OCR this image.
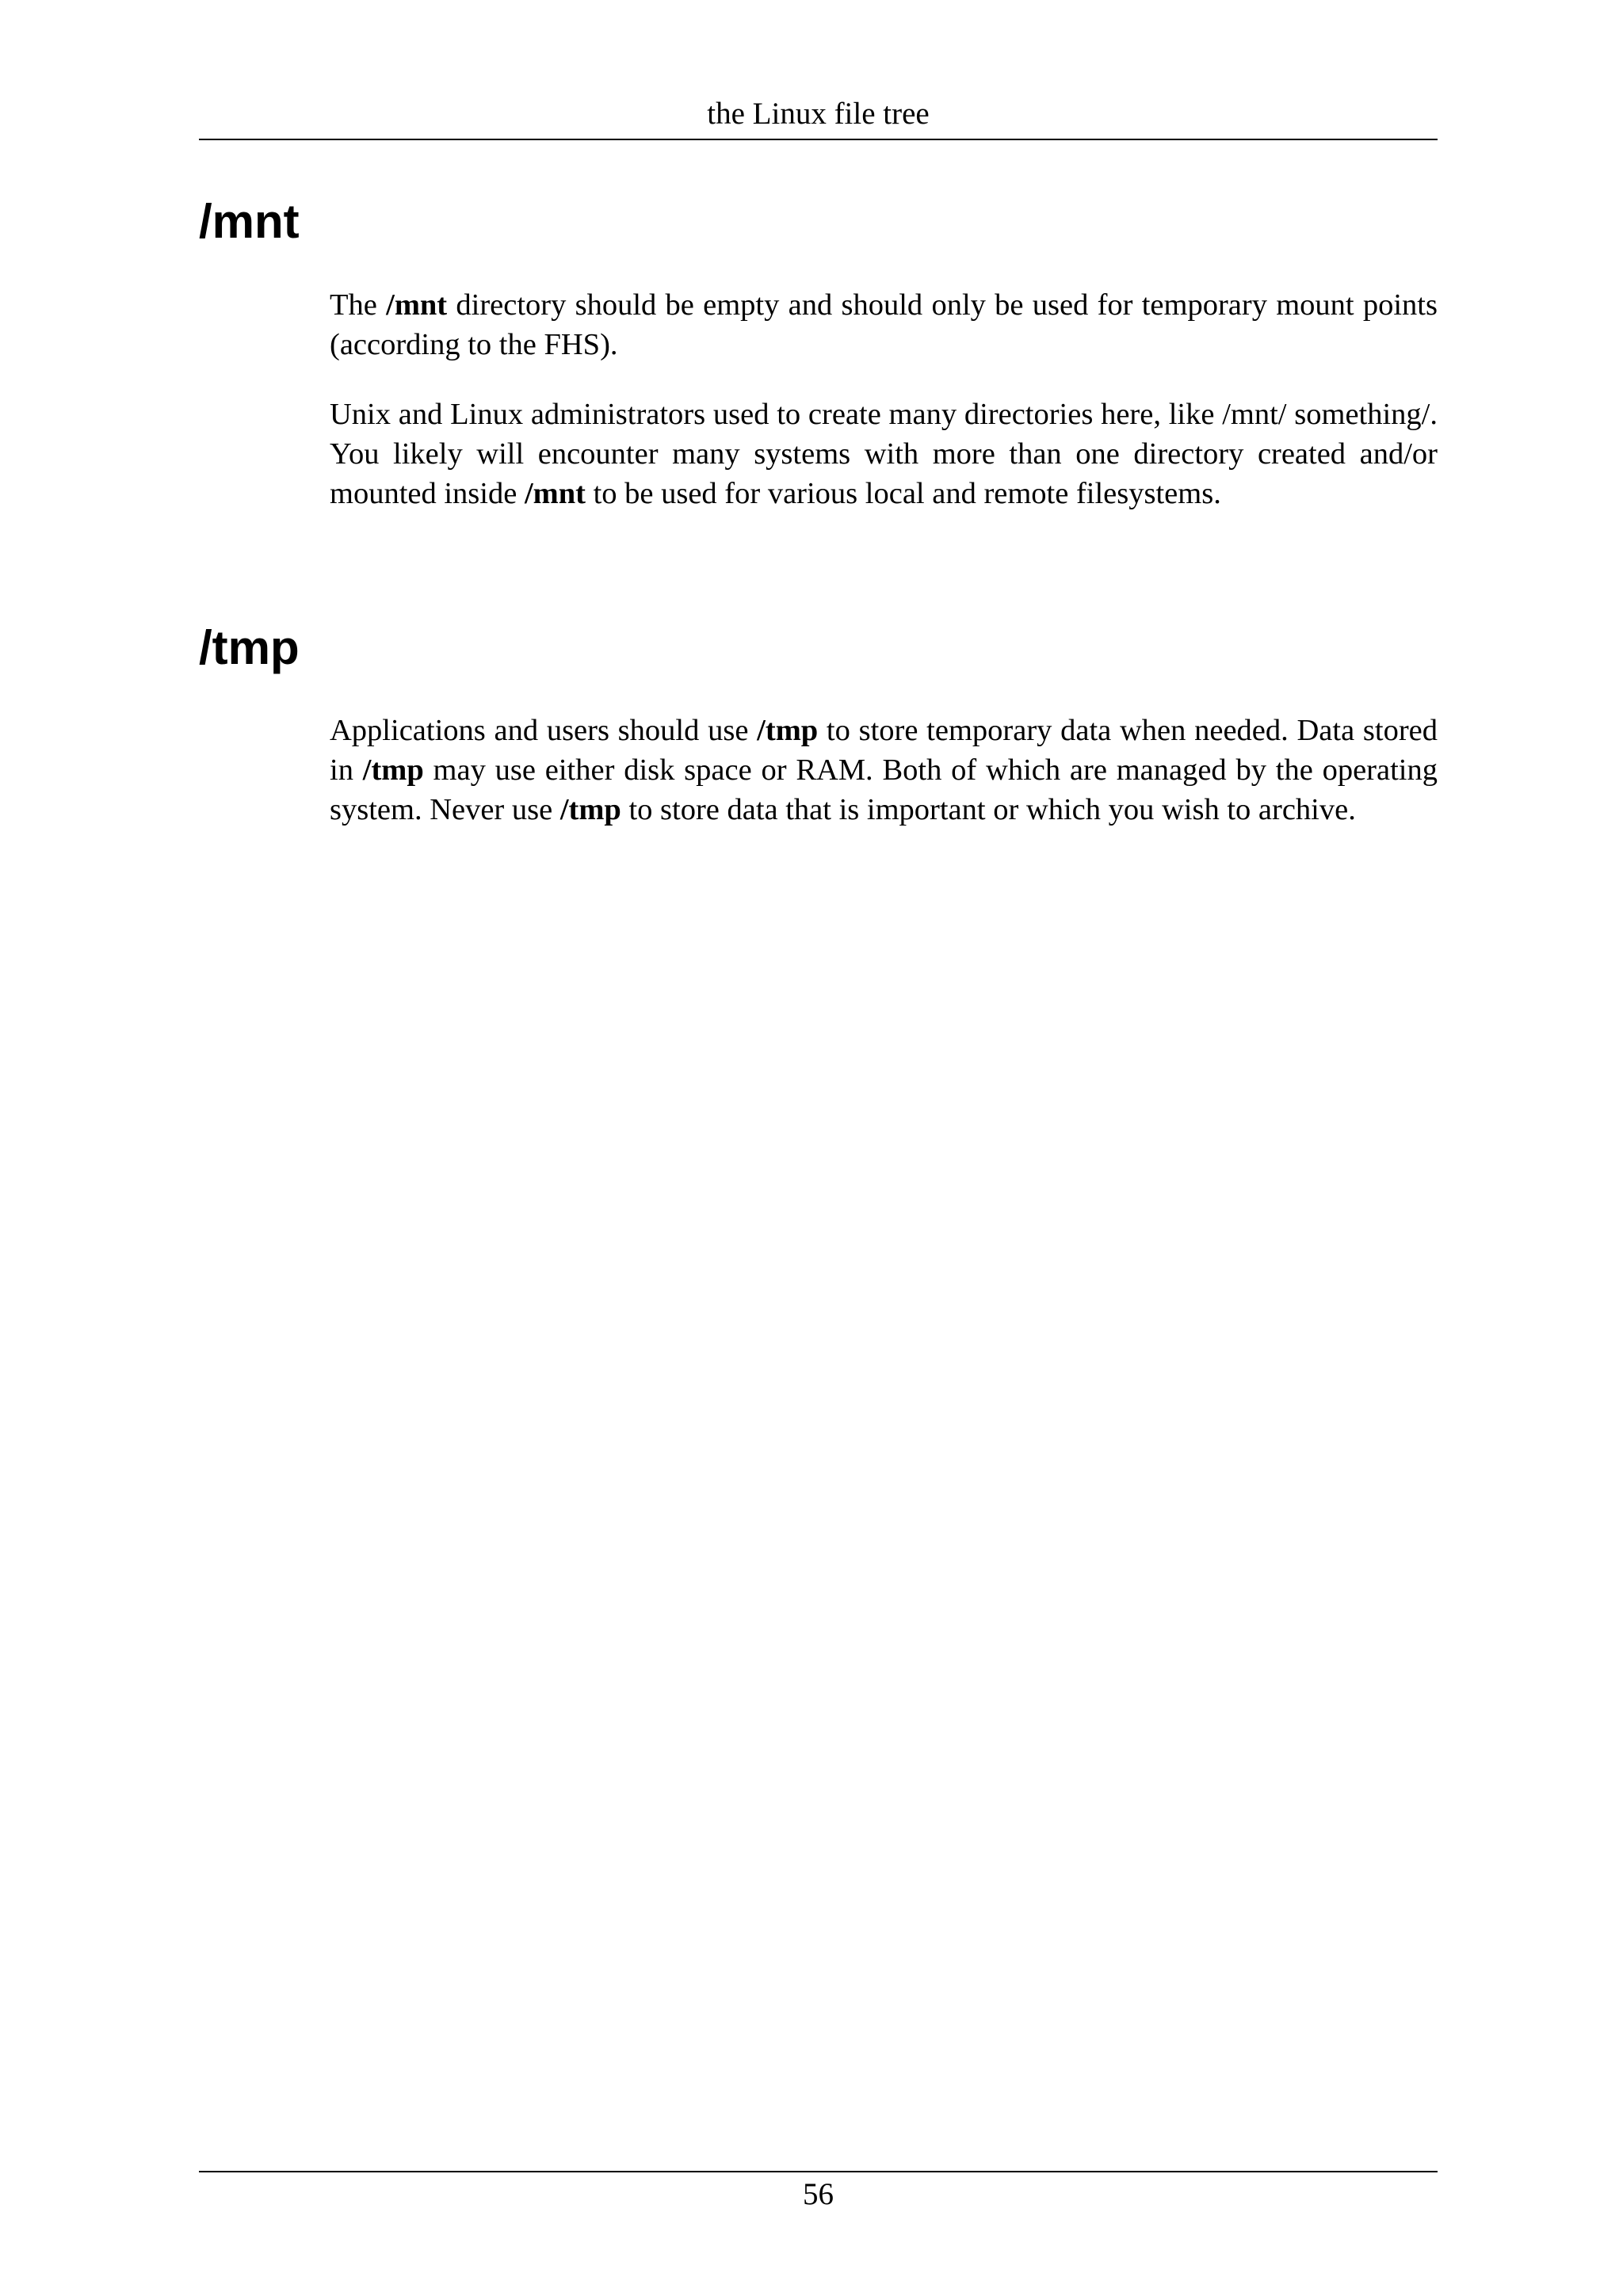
the Linux file tree
/mnt

The /mnt directory should be empty and should only be used for temporary mount points (according to the FHS).

Unix and Linux administrators used to create many directories here, like /mnt/ something/. You likely will encounter many systems with more than one directory created and/or mounted inside /mnt to be used for various local and remote filesystems.

/tmp

Applications and users should use /tmp to store temporary data when needed. Data stored in /tmp may use either disk space or RAM. Both of which are managed by the operating system. Never use /tmp to store data that is important or which you wish to archive.

56
